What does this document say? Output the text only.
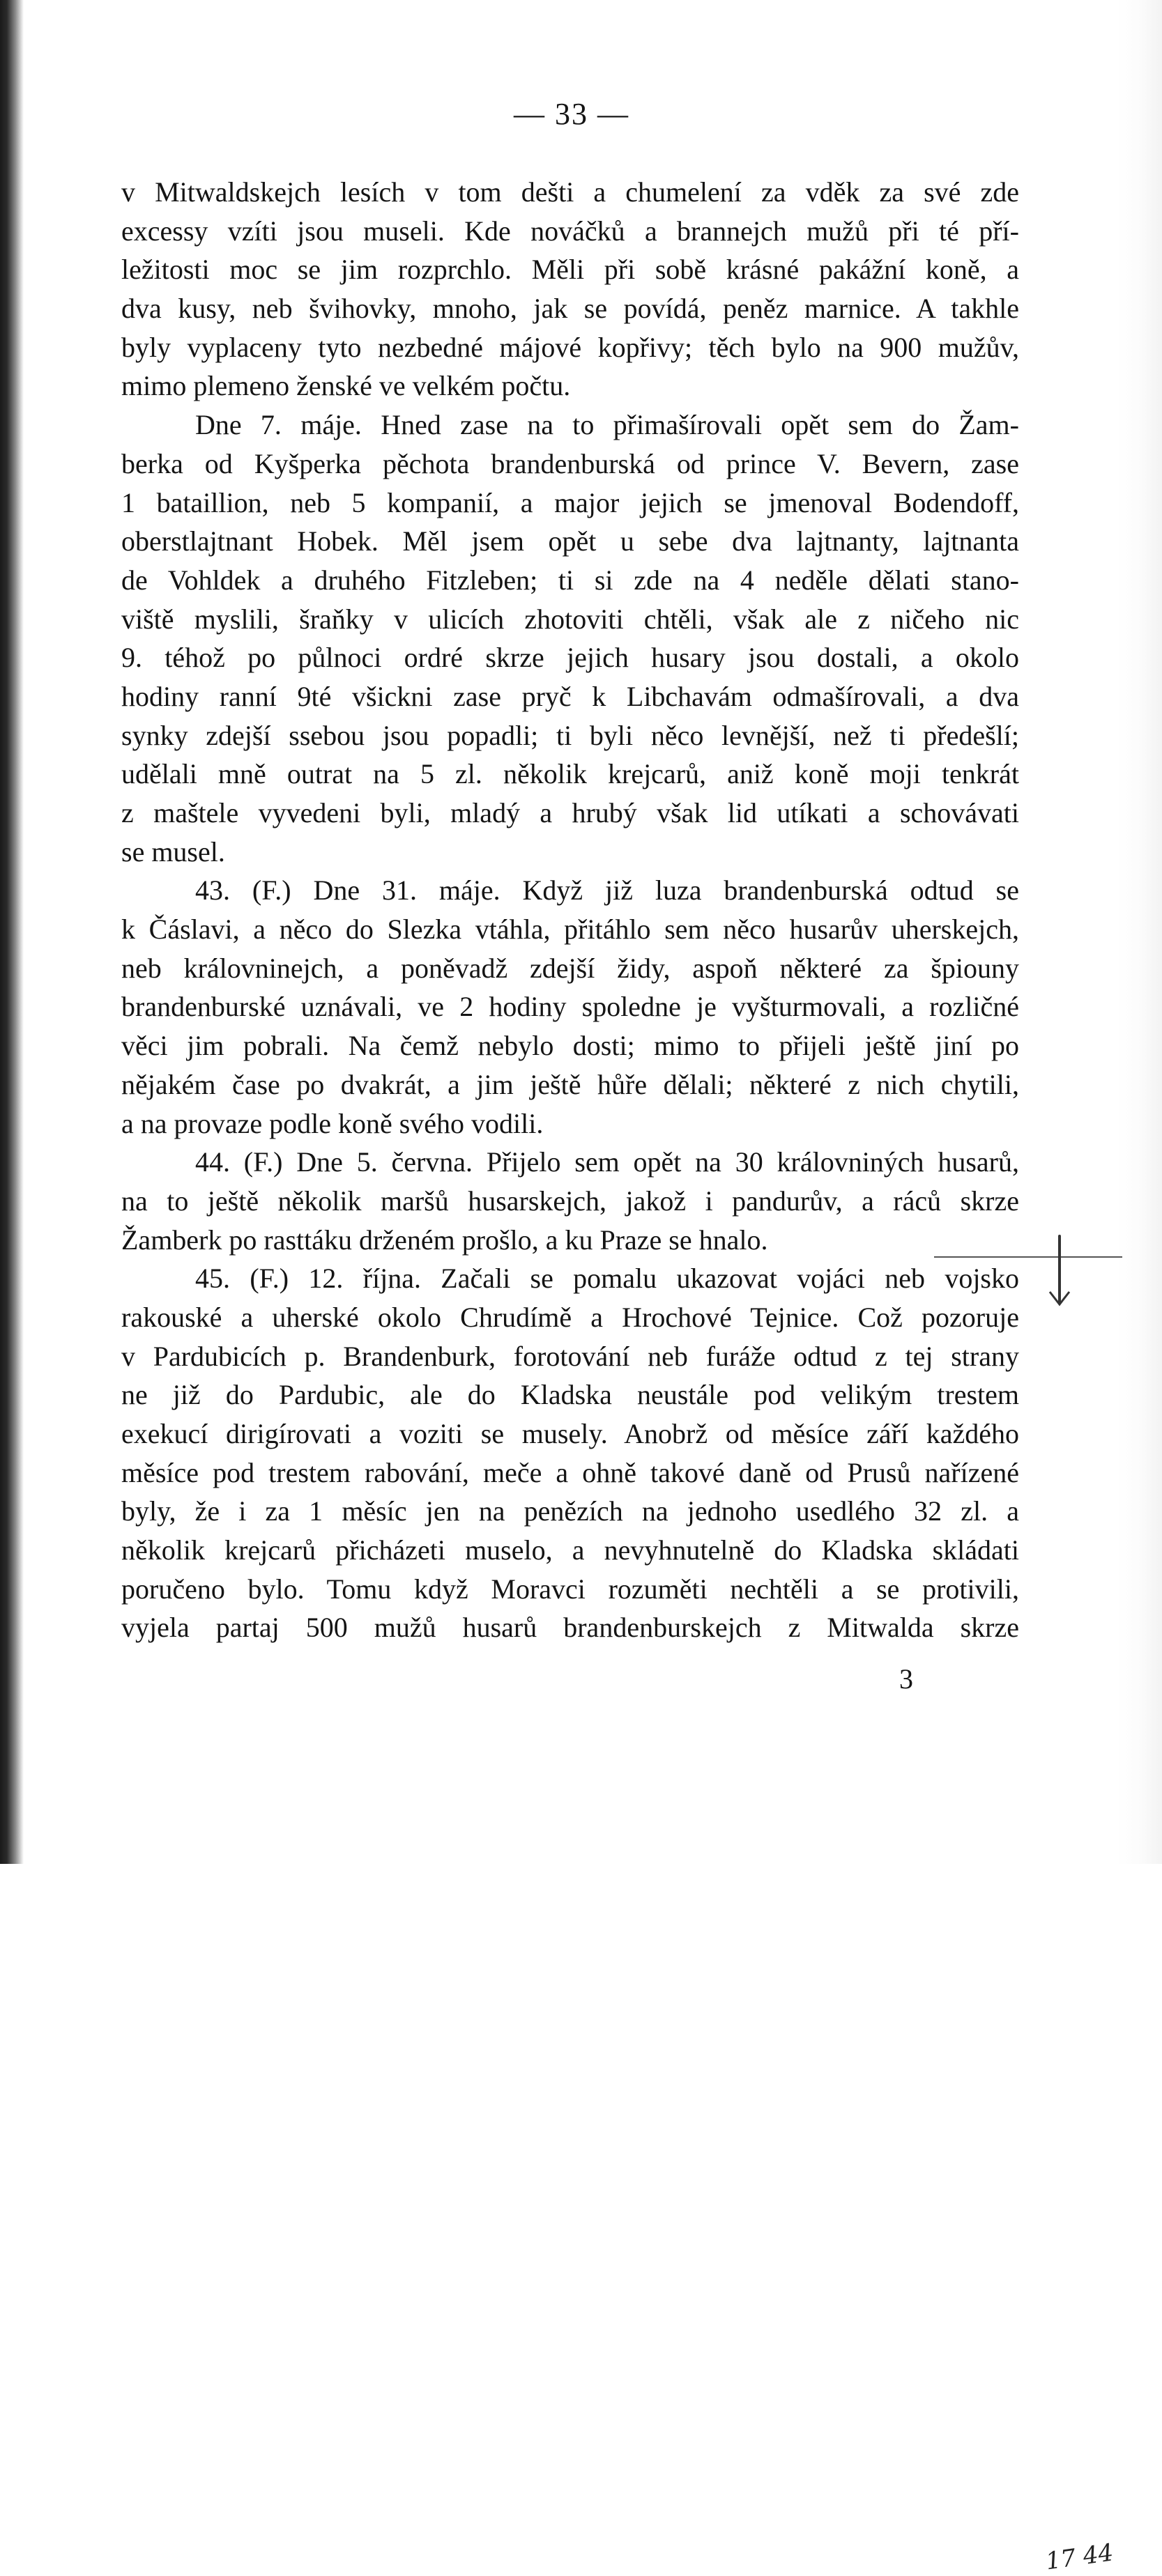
— 33 —
v Mitwaldskejch lesích v tom dešti a chumelení za vděk za své zde
excessy vzíti jsou museli. Kde nováčků a brannejch mužů při té pří-
ležitosti moc se jim rozprchlo. Měli při sobě krásné pakážní koně, a
dva kusy, neb švihovky, mnoho, jak se povídá, peněz marnice. A takhle
byly vyplaceny tyto nezbedné májové kopřivy; těch bylo na 900 mužův,
mimo plemeno ženské ve velkém počtu.
Dne 7. máje. Hned zase na to přimašírovali opět sem do Žam-
berka od Kyšperka pěchota brandenburská od prince V. Bevern, zase
1 bataillion, neb 5 kompanií, a major jejich se jmenoval Bodendoff,
oberstlajtnant Hobek. Měl jsem opět u sebe dva lajtnanty, lajtnanta
de Vohldek a druhého Fitzleben; ti si zde na 4 neděle dělati stano-
viště myslili, šraňky v ulicích zhotoviti chtěli, však ale z ničeho nic
9. téhož po půlnoci ordré skrze jejich husary jsou dostali, a okolo
hodiny ranní 9té všickni zase pryč k Libchavám odmašírovali, a dva
synky zdejší ssebou jsou popadli; ti byli něco levnější, než ti předešlí;
udělali mně outrat na 5 zl. několik krejcarů, aniž koně moji tenkrát
z maštele vyvedeni byli, mladý a hrubý však lid utíkati a schovávati
se musel.
43. (F.) Dne 31. máje. Když již luza brandenburská odtud se
k Čáslavi, a něco do Slezka vtáhla, přitáhlo sem něco husarův uherskejch,
neb královninejch, a poněvadž zdejší židy, aspoň některé za špiouny
brandenburské uznávali, ve 2 hodiny spoledne je vyšturmovali, a rozličné
věci jim pobrali. Na čemž nebylo dosti; mimo to přijeli ještě jiní po
nějakém čase po dvakrát, a jim ještě hůře dělali; některé z nich chytili,
a na provaze podle koně svého vodili.
44. (F.) Dne 5. června. Přijelo sem opět na 30 královniných husarů,
na to ještě několik maršů husarskejch, jakož i pandurův, a ráců skrze
Žamberk po rasttáku drženém prošlo, a ku Praze se hnalo.
45. (F.) 12. října. Začali se pomalu ukazovat vojáci neb vojsko
rakouské a uherské okolo Chrudímě a Hrochové Tejnice. Což pozoruje
v Pardubicích p. Brandenburk, forotování neb furáže odtud z tej strany
ne již do Pardubic, ale do Kladska neustále pod velikým trestem
exekucí dirigírovati a voziti se musely. Anobrž od měsíce září každého
měsíce pod trestem rabování, meče a ohně takové daně od Prusů nařízené
byly, že i za 1 měsíc jen na penězích na jednoho usedlého 32 zl. a
několik krejcarů přicházeti muselo, a nevyhnutelně do Kladska skládati
poručeno bylo. Tomu když Moravci rozuměti nechtěli a se protivili,
vyjela partaj 500 mužů husarů brandenburskejch z Mitwalda skrze
17 44
3
